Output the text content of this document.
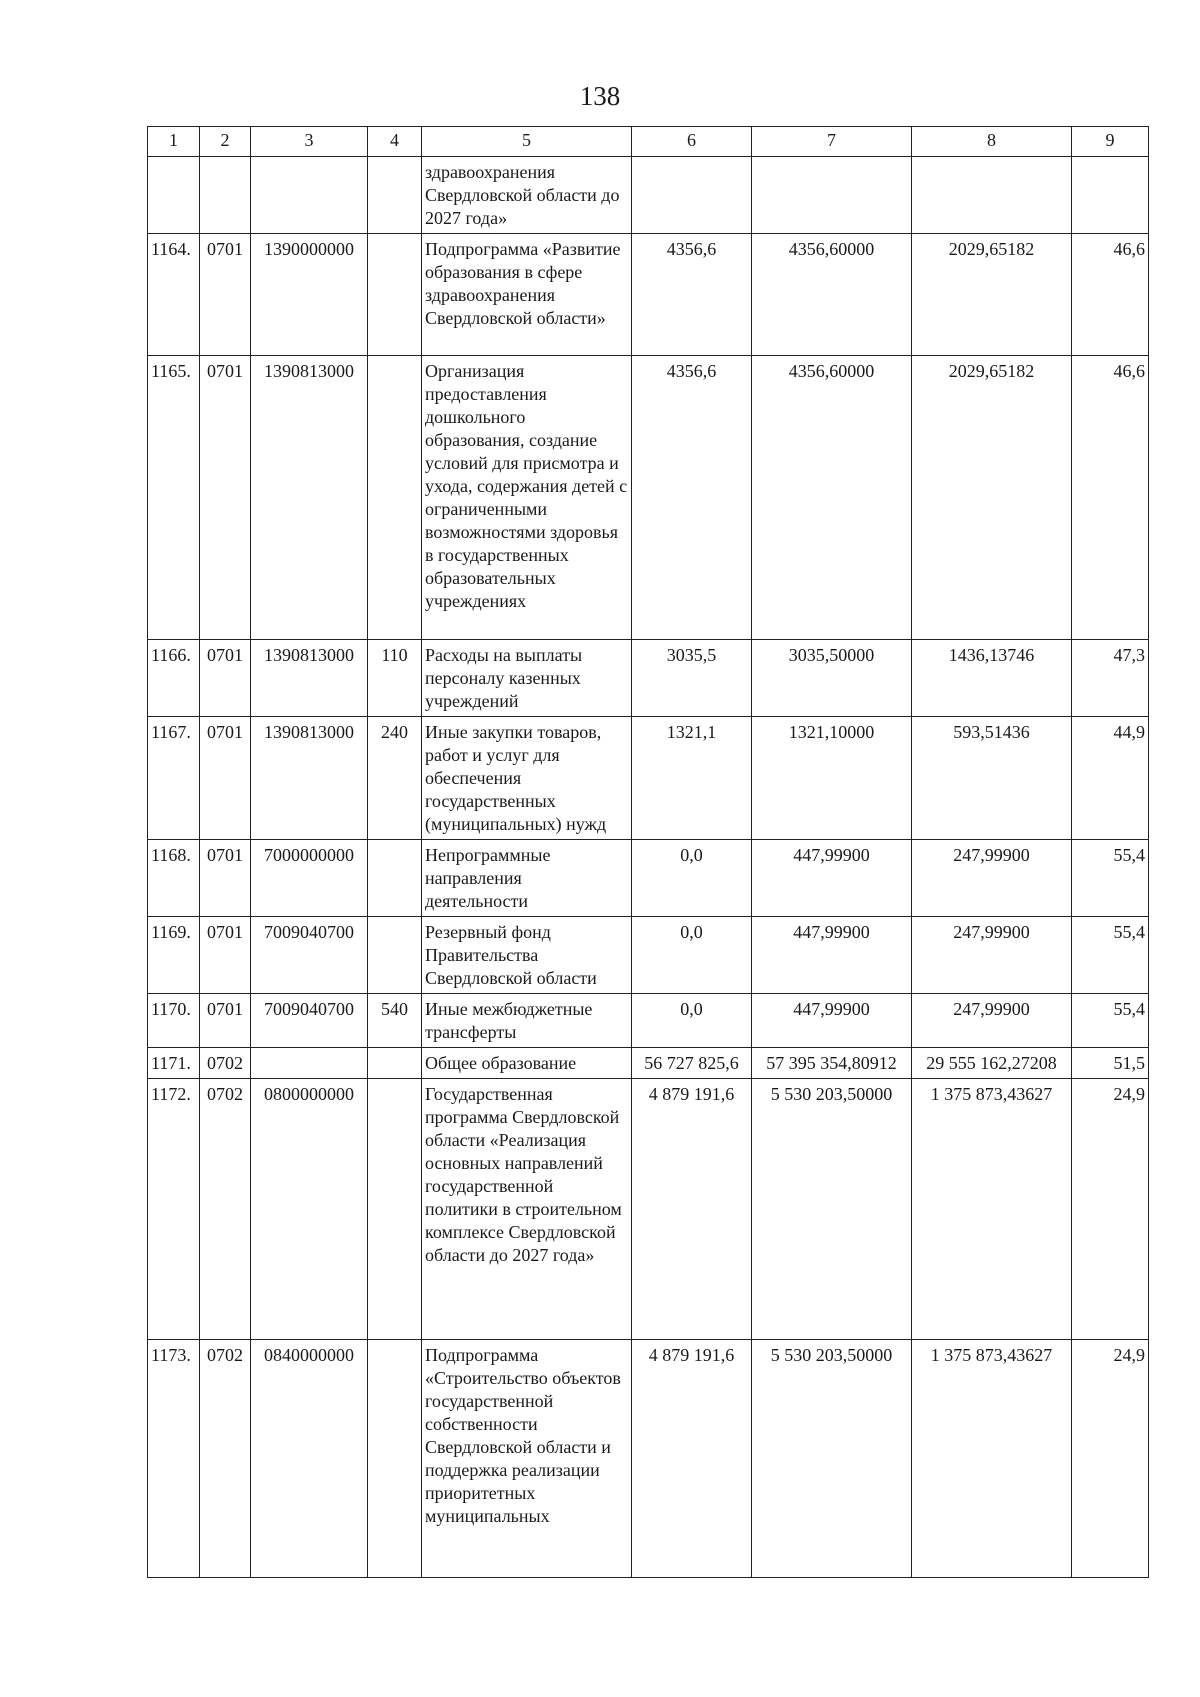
138
1	2	3	4	5	6	7	8	9
				здравоохранения Свердловской области до 2027 года»				
1164.	0701	1390000000		Подпрограмма «Развитие образования в сфере здравоохранения Свердловской области»	4356,6	4356,60000	2029,65182	46,6
1165.	0701	1390813000		Организация предоставления дошкольного образования, создание условий для присмотра и ухода, содержания детей с ограниченными возможностями здоровья в государственных образовательных учреждениях	4356,6	4356,60000	2029,65182	46,6
1166.	0701	1390813000	110	Расходы на выплаты персоналу казенных учреждений	3035,5	3035,50000	1436,13746	47,3
1167.	0701	1390813000	240	Иные закупки товаров, работ и услуг для обеспечения государственных (муниципальных) нужд	1321,1	1321,10000	593,51436	44,9
1168.	0701	7000000000		Непрограммные направления деятельности	0,0	447,99900	247,99900	55,4
1169.	0701	7009040700		Резервный фонд Правительства Свердловской области	0,0	447,99900	247,99900	55,4
1170.	0701	7009040700	540	Иные межбюджетные трансферты	0,0	447,99900	247,99900	55,4
1171.	0702			Общее образование	56 727 825,6	57 395 354,80912	29 555 162,27208	51,5
1172.	0702	0800000000		Государственная программа Свердловской области «Реализация основных направлений государственной политики в строительном комплексе Свердловской области до 2027 года»	4 879 191,6	5 530 203,50000	1 375 873,43627	24,9
1173.	0702	0840000000		Подпрограмма «Строительство объектов государственной собственности Свердловской области и поддержка реализации приоритетных муниципальных	4 879 191,6	5 530 203,50000	1 375 873,43627	24,9
